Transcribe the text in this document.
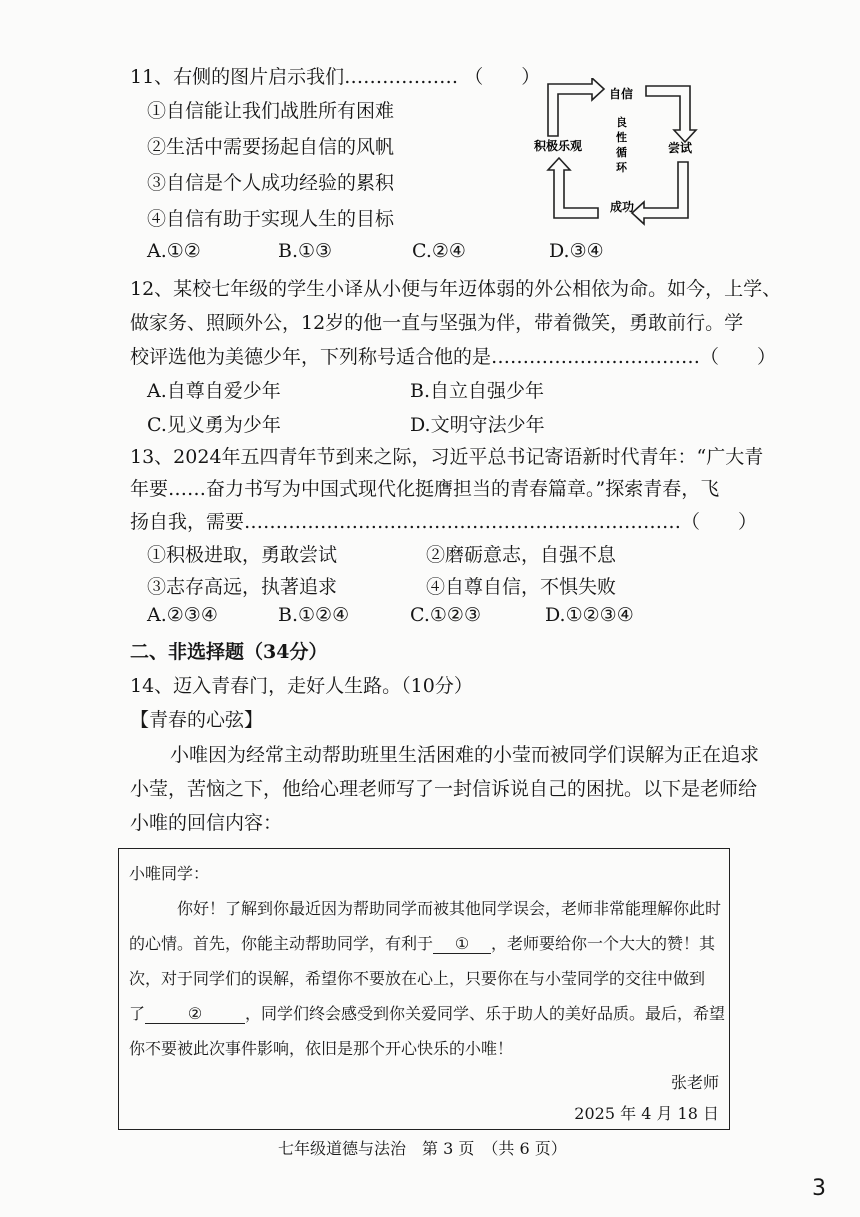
11、右侧的图片启示我们……………… （　　）
①自信能让我们战胜所有困难
②生活中需要扬起自信的风帆
③自信是个人成功经验的累积
④自信有助于实现人生的目标
A.①②	B.①③	C.②④	D.③④
自信
尝试
成功
积极乐观
良
性
循
环
12、某校七年级的学生小译从小便与年迈体弱的外公相依为命。如今，上学、
做家务、照顾外公，12岁的他一直与坚强为伴，带着微笑，勇敢前行。学
校评选他为美德少年，下列称号适合他的是……………………………（　　）
A.自尊自爱少年	B.自立自强少年
C.见义勇为少年	D.文明守法少年
13、2024年五四青年节到来之际，习近平总书记寄语新时代青年：“广大青
年要……奋力书写为中国式现代化挺膺担当的青春篇章。”探索青春，飞
扬自我，需要……………………………………………………………（　　）
①积极进取，勇敢尝试	②磨砺意志，自强不息
③志存高远，执著追求	④自尊自信，不惧失败
A.②③④	B.①②④	C.①②③	D.①②③④
二、非选择题（34分）
14、迈入青春门，走好人生路。（10分）
【青春的心弦】
小唯因为经常主动帮助班里生活困难的小莹而被同学们误解为正在追求
小莹，苦恼之下，他给心理老师写了一封信诉说自己的困扰。以下是老师给
小唯的回信内容：
小唯同学：
你好！了解到你最近因为帮助同学而被其他同学误会，老师非常能理解你此时
的心情。首先，你能主动帮助同学，有利于 ① ，老师要给你一个大大的赞！其
次，对于同学们的误解，希望你不要放在心上，只要你在与小莹同学的交往中做到
了	②	，同学们终会感受到你关爱同学、乐于助人的美好品质。最后，希望
你不要被此次事件影响，依旧是那个开心快乐的小唯！
张老师
2025 年 4 月 18 日
七年级道德与法治　第 3 页　（共 6 页）
3
